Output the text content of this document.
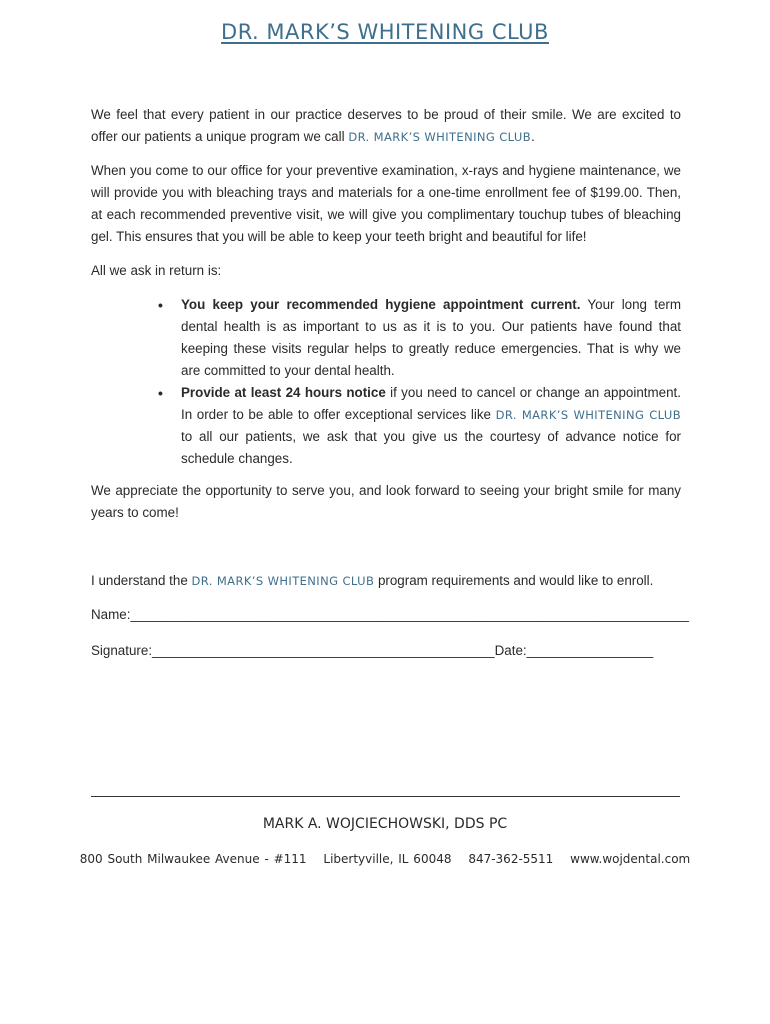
DR. MARK’S WHITENING CLUB

We feel that every patient in our practice deserves to be proud of their smile. We are excited to offer our patients a unique program we call DR. MARK’S WHITENING CLUB.

When you come to our office for your preventive examination, x-rays and hygiene maintenance, we will provide you with bleaching trays and materials for a one-time enrollment fee of $199.00. Then, at each recommended preventive visit, we will give you complimentary touchup tubes of bleaching gel. This ensures that you will be able to keep your teeth bright and beautiful for life!

All we ask in return is:

• You keep your recommended hygiene appointment current. Your long term dental health is as important to us as it is to you. Our patients have found that keeping these visits regular helps to greatly reduce emergencies. That is why we are committed to your dental health.
• Provide at least 24 hours notice if you need to cancel or change an appointment. In order to be able to offer exceptional services like DR. MARK’S WHITENING CLUB to all our patients, we ask that you give us the courtesy of advance notice for schedule changes.

We appreciate the opportunity to serve you, and look forward to seeing your bright smile for many years to come!

I understand the DR. MARK’S WHITENING CLUB program requirements and would like to enroll.

Name:___________________________________________________________________________
Signature:______________________________________________Date:_________________
MARK A. WOJCIECHOWSKI, DDS PC
800 South Milwaukee Avenue - #111 Libertyville, IL 60048 847-362-5511 www.wojdental.com
